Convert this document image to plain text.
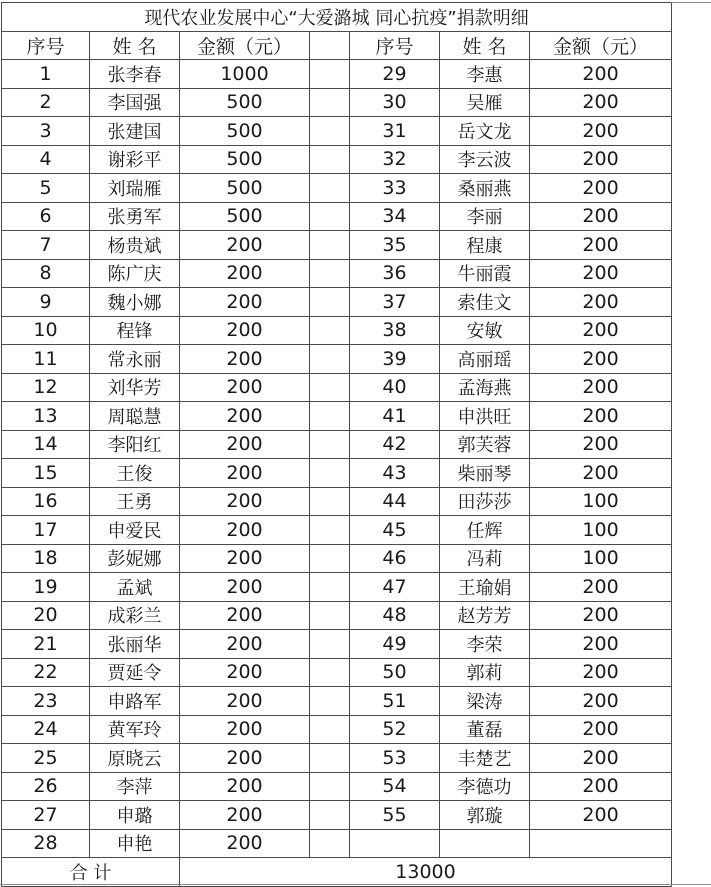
现代农业发展中心“大爱潞城 同心抗疫”捐款明细						
序号	姓 名	金额（元）		序号	姓 名	金额（元）
1	张李春	1000		29	李惠	200
2	李国强	500		30	吴雁	200
3	张建国	500		31	岳文龙	200
4	谢彩平	500		32	李云波	200
5	刘瑞雁	500		33	桑丽燕	200
6	张勇军	500		34	李丽	200
7	杨贵斌	200		35	程康	200
8	陈广庆	200		36	牛丽霞	200
9	魏小娜	200		37	索佳文	200
10	程锋	200		38	安敏	200
11	常永丽	200		39	高丽瑶	200
12	刘华芳	200		40	孟海燕	200
13	周聪慧	200		41	申洪旺	200
14	李阳红	200		42	郭芙蓉	200
15	王俊	200		43	柴丽琴	200
16	王勇	200		44	田莎莎	100
17	申爱民	200		45	任辉	100
18	彭妮娜	200		46	冯莉	100
19	孟斌	200		47	王瑜娟	200
20	成彩兰	200		48	赵芳芳	200
21	张丽华	200		49	李荣	200
22	贾延令	200		50	郭莉	200
23	申路军	200		51	梁涛	200
24	黄军玲	200		52	董磊	200
25	原晓云	200		53	丰楚艺	200
26	李萍	200		54	李德功	200
27	申璐	200		55	郭璇	200
28	申艳	200				
合 计		13000				
